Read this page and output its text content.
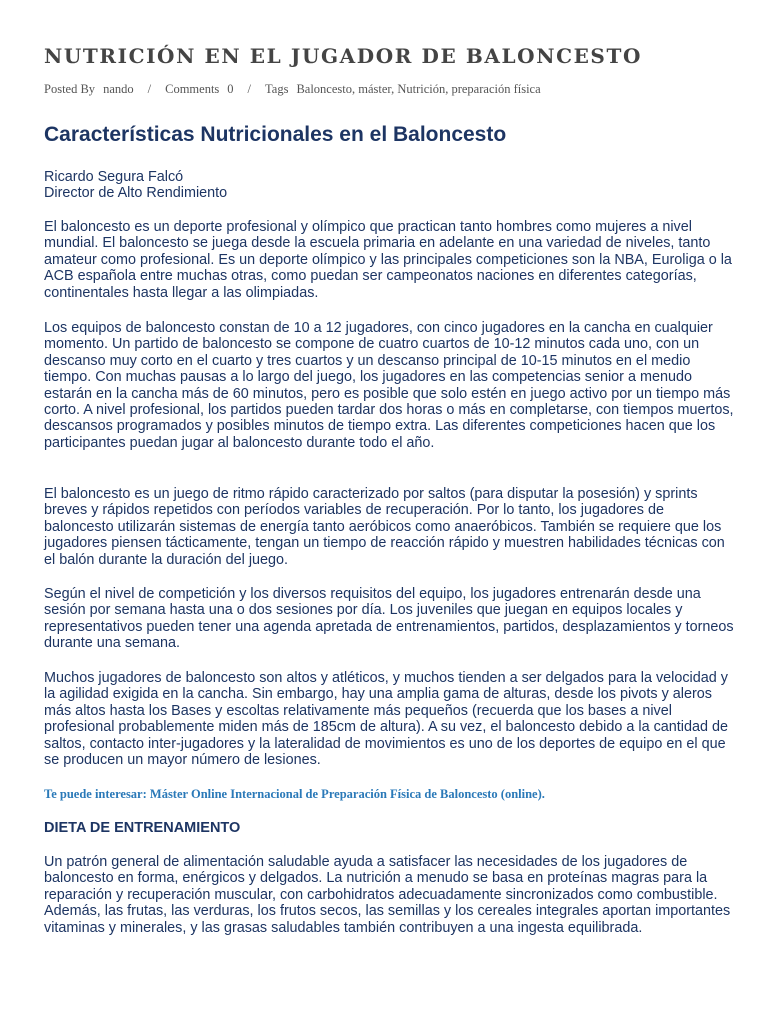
NUTRICIÓN EN EL JUGADOR DE BALONCESTO
Posted By nando / Comments 0 / Tags Baloncesto, máster, Nutrición, preparación física
Características Nutricionales en el Baloncesto
Ricardo Segura Falcó
Director de Alto Rendimiento

El baloncesto es un deporte profesional y olímpico que practican tanto hombres como mujeres a nivel mundial. El baloncesto se juega desde la escuela primaria en adelante en una variedad de niveles, tanto amateur como profesional. Es un deporte olímpico y las principales competiciones son la NBA, Euroliga o la ACB española entre muchas otras, como puedan ser campeonatos naciones en diferentes categorías, continentales hasta llegar a las olimpiadas.

Los equipos de baloncesto constan de 10 a 12 jugadores, con cinco jugadores en la cancha en cualquier momento. Un partido de baloncesto se compone de cuatro cuartos de 10-12 minutos cada uno, con un descanso muy corto en el cuarto y tres cuartos y un descanso principal de 10-15 minutos en el medio tiempo. Con muchas pausas a lo largo del juego, los jugadores en las competencias senior a menudo estarán en la cancha más de 60 minutos, pero es posible que solo estén en juego activo por un tiempo más corto. A nivel profesional, los partidos pueden tardar dos horas o más en completarse, con tiempos muertos, descansos programados y posibles minutos de tiempo extra. Las diferentes competiciones hacen que los participantes puedan jugar al baloncesto durante todo el año.

El baloncesto es un juego de ritmo rápido caracterizado por saltos (para disputar la posesión) y sprints breves y rápidos repetidos con períodos variables de recuperación. Por lo tanto, los jugadores de baloncesto utilizarán sistemas de energía tanto aeróbicos como anaeróbicos. También se requiere que los jugadores piensen tácticamente, tengan un tiempo de reacción rápido y muestren habilidades técnicas con el balón durante la duración del juego.

Según el nivel de competición y los diversos requisitos del equipo, los jugadores entrenarán desde una sesión por semana hasta una o dos sesiones por día. Los juveniles que juegan en equipos locales y representativos pueden tener una agenda apretada de entrenamientos, partidos, desplazamientos y torneos durante una semana.

Muchos jugadores de baloncesto son altos y atléticos, y muchos tienden a ser delgados para la velocidad y la agilidad exigida en la cancha. Sin embargo, hay una amplia gama de alturas, desde los pivots y aleros más altos hasta los Bases y escoltas relativamente más pequeños (recuerda que los bases a nivel profesional probablemente miden más de 185cm de altura). A su vez, el baloncesto debido a la cantidad de saltos, contacto inter-jugadores y la lateralidad de movimientos es uno de los deportes de equipo en el que se producen un mayor número de lesiones.

Te puede interesar: Máster Online Internacional de Preparación Física de Baloncesto (online).
DIETA DE ENTRENAMIENTO

Un patrón general de alimentación saludable ayuda a satisfacer las necesidades de los jugadores de baloncesto en forma, enérgicos y delgados. La nutrición a menudo se basa en proteínas magras para la reparación y recuperación muscular, con carbohidratos adecuadamente sincronizados como combustible. Además, las frutas, las verduras, los frutos secos, las semillas y los cereales integrales aportan importantes vitaminas y minerales, y las grasas saludables también contribuyen a una ingesta equilibrada.
